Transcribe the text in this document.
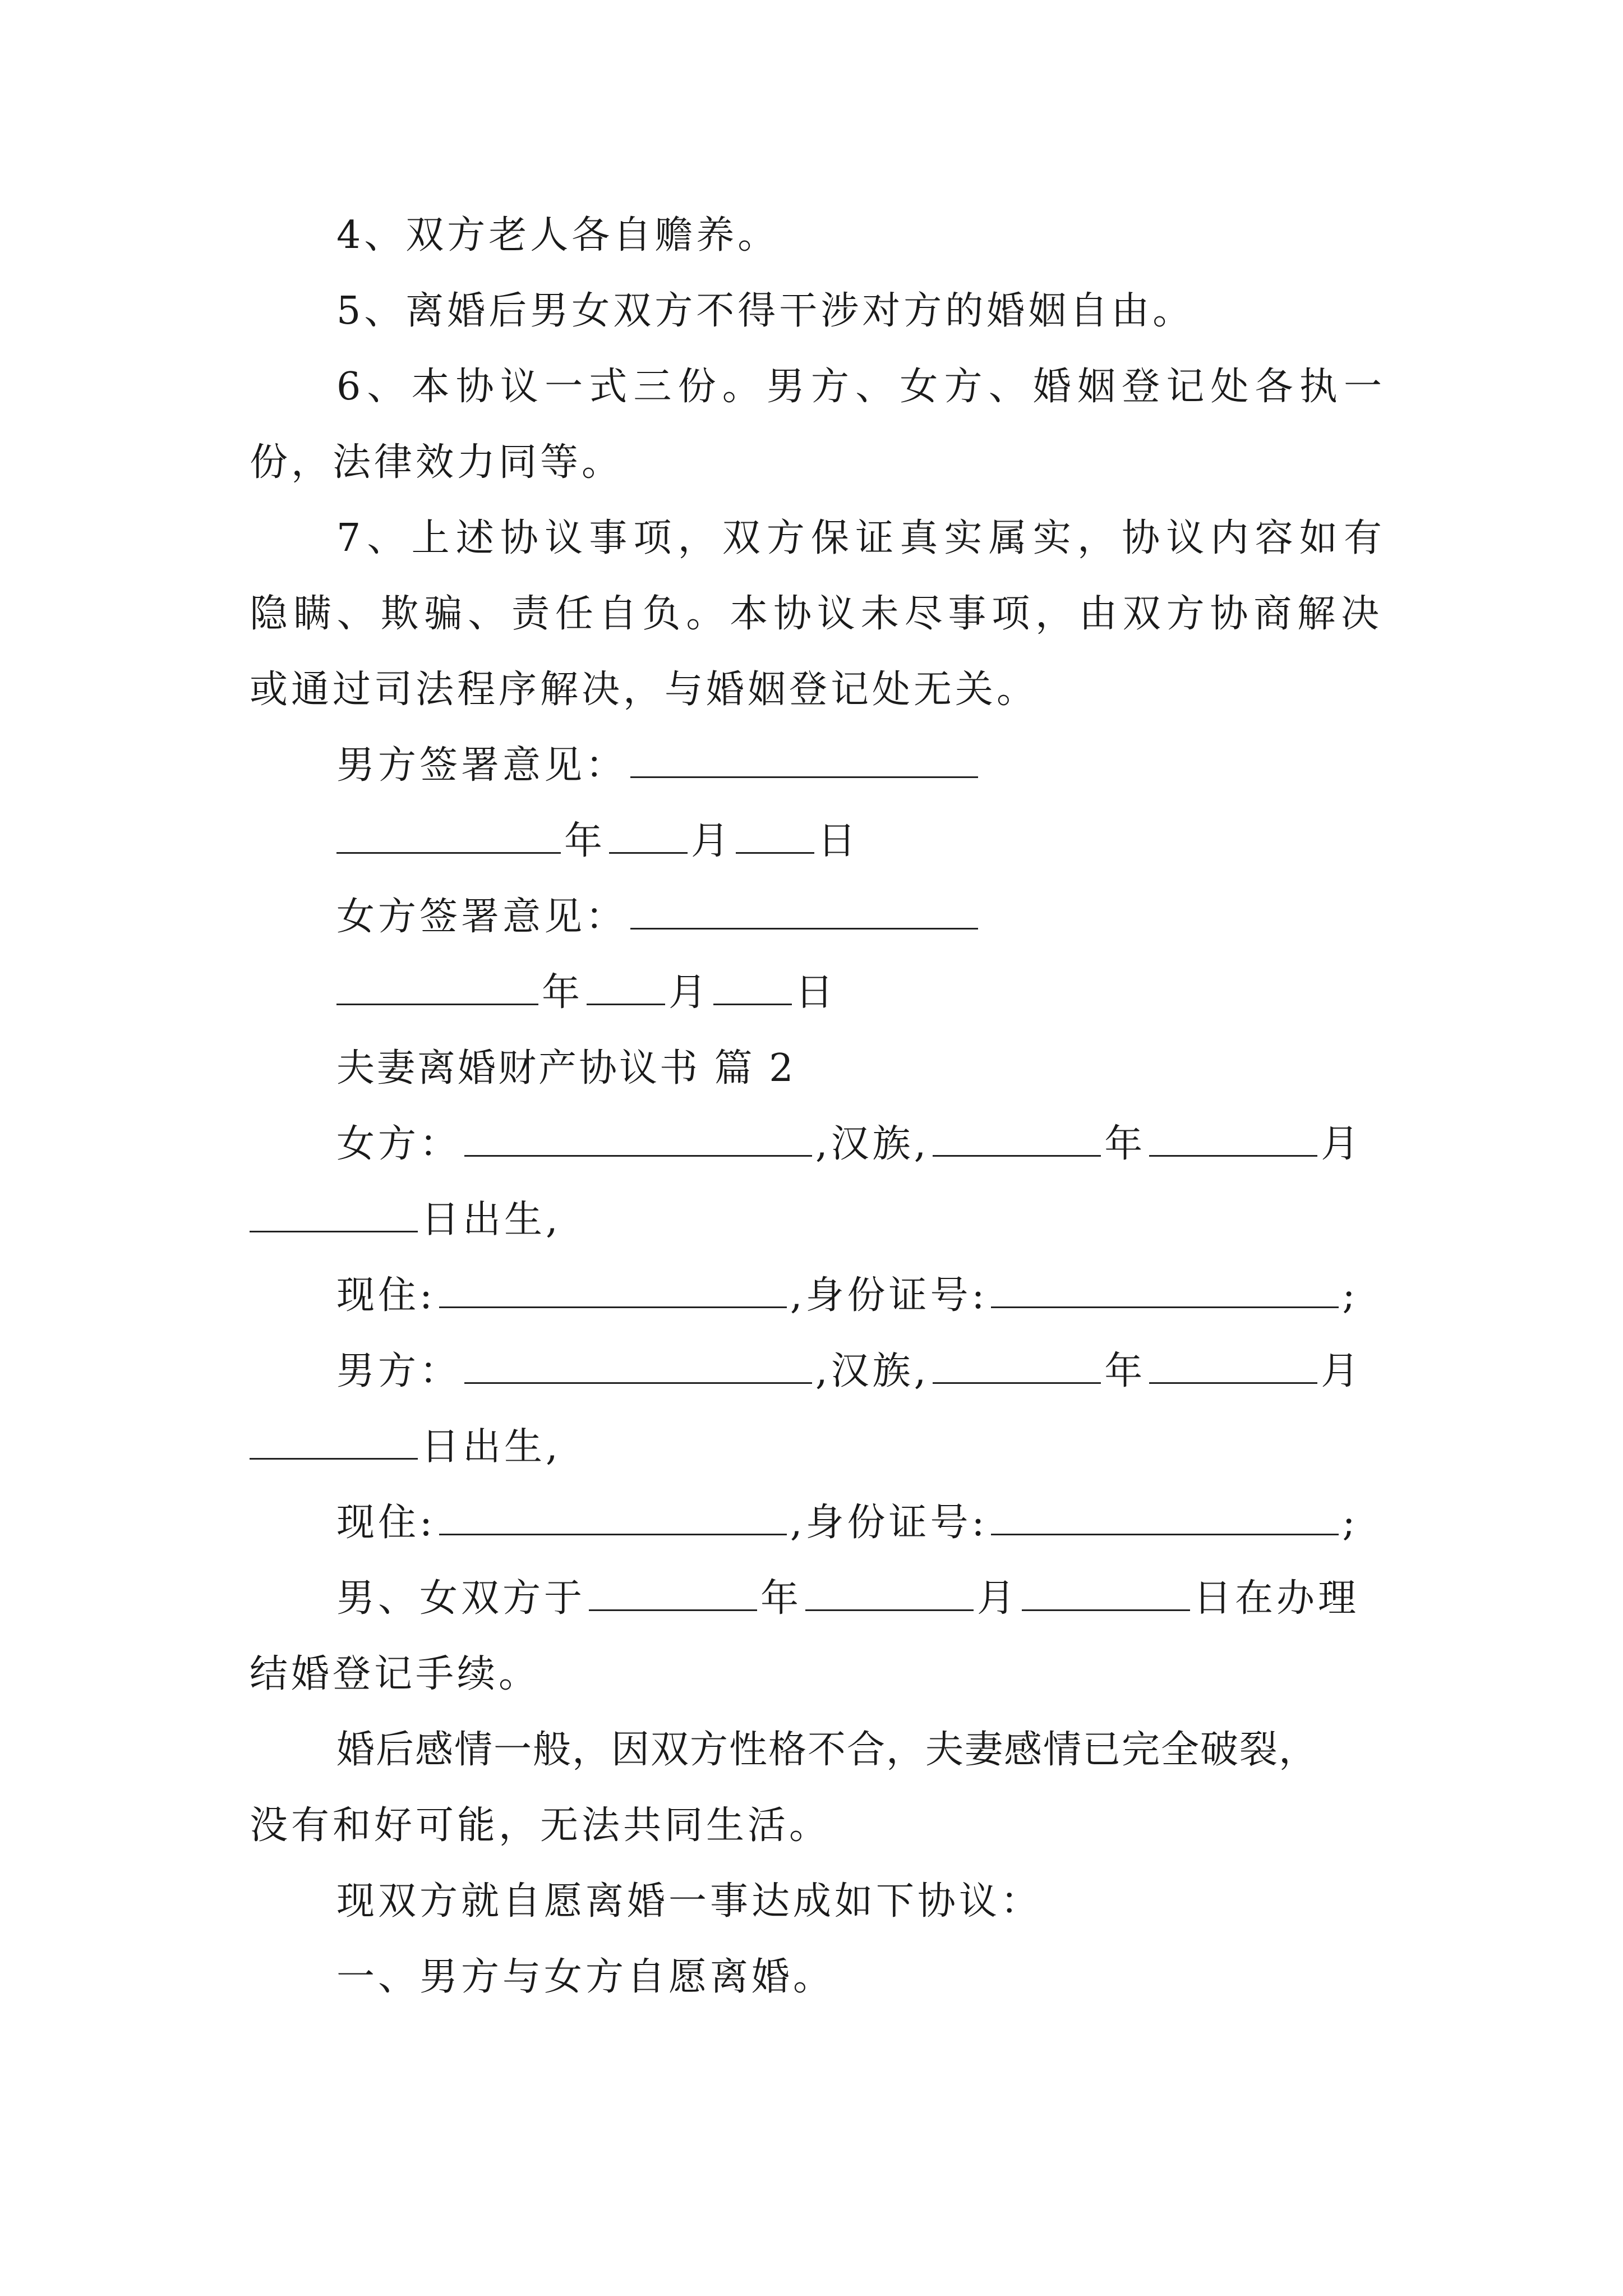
4、双方老人各自赡养。
5、离婚后男女双方不得干涉对方的婚姻自由。
6、本协议一式三份。男方、女方、婚姻登记处各执一
份，法律效力同等。
7、上述协议事项，双方保证真实属实，协议内容如有
隐瞒、欺骗、责任自负。本协议未尽事项，由双方协商解决
或通过司法程序解决，与婚姻登记处无关。
男方签署意见：
年 月 日
女方签署意见：
年 月 日
夫妻离婚财产协议书 篇 2
女方：	,汉族,	年	月
日出生,
现住:	,身份证号:	;
男方：	,汉族,	年	月
日出生,
现住:	,身份证号:	;
男、女双方于	年	月	日在办理
结婚登记手续。
婚后感情一般，因双方性格不合，夫妻感情已完全破裂，
没有和好可能，无法共同生活。
现双方就自愿离婚一事达成如下协议：
一、男方与女方自愿离婚。
